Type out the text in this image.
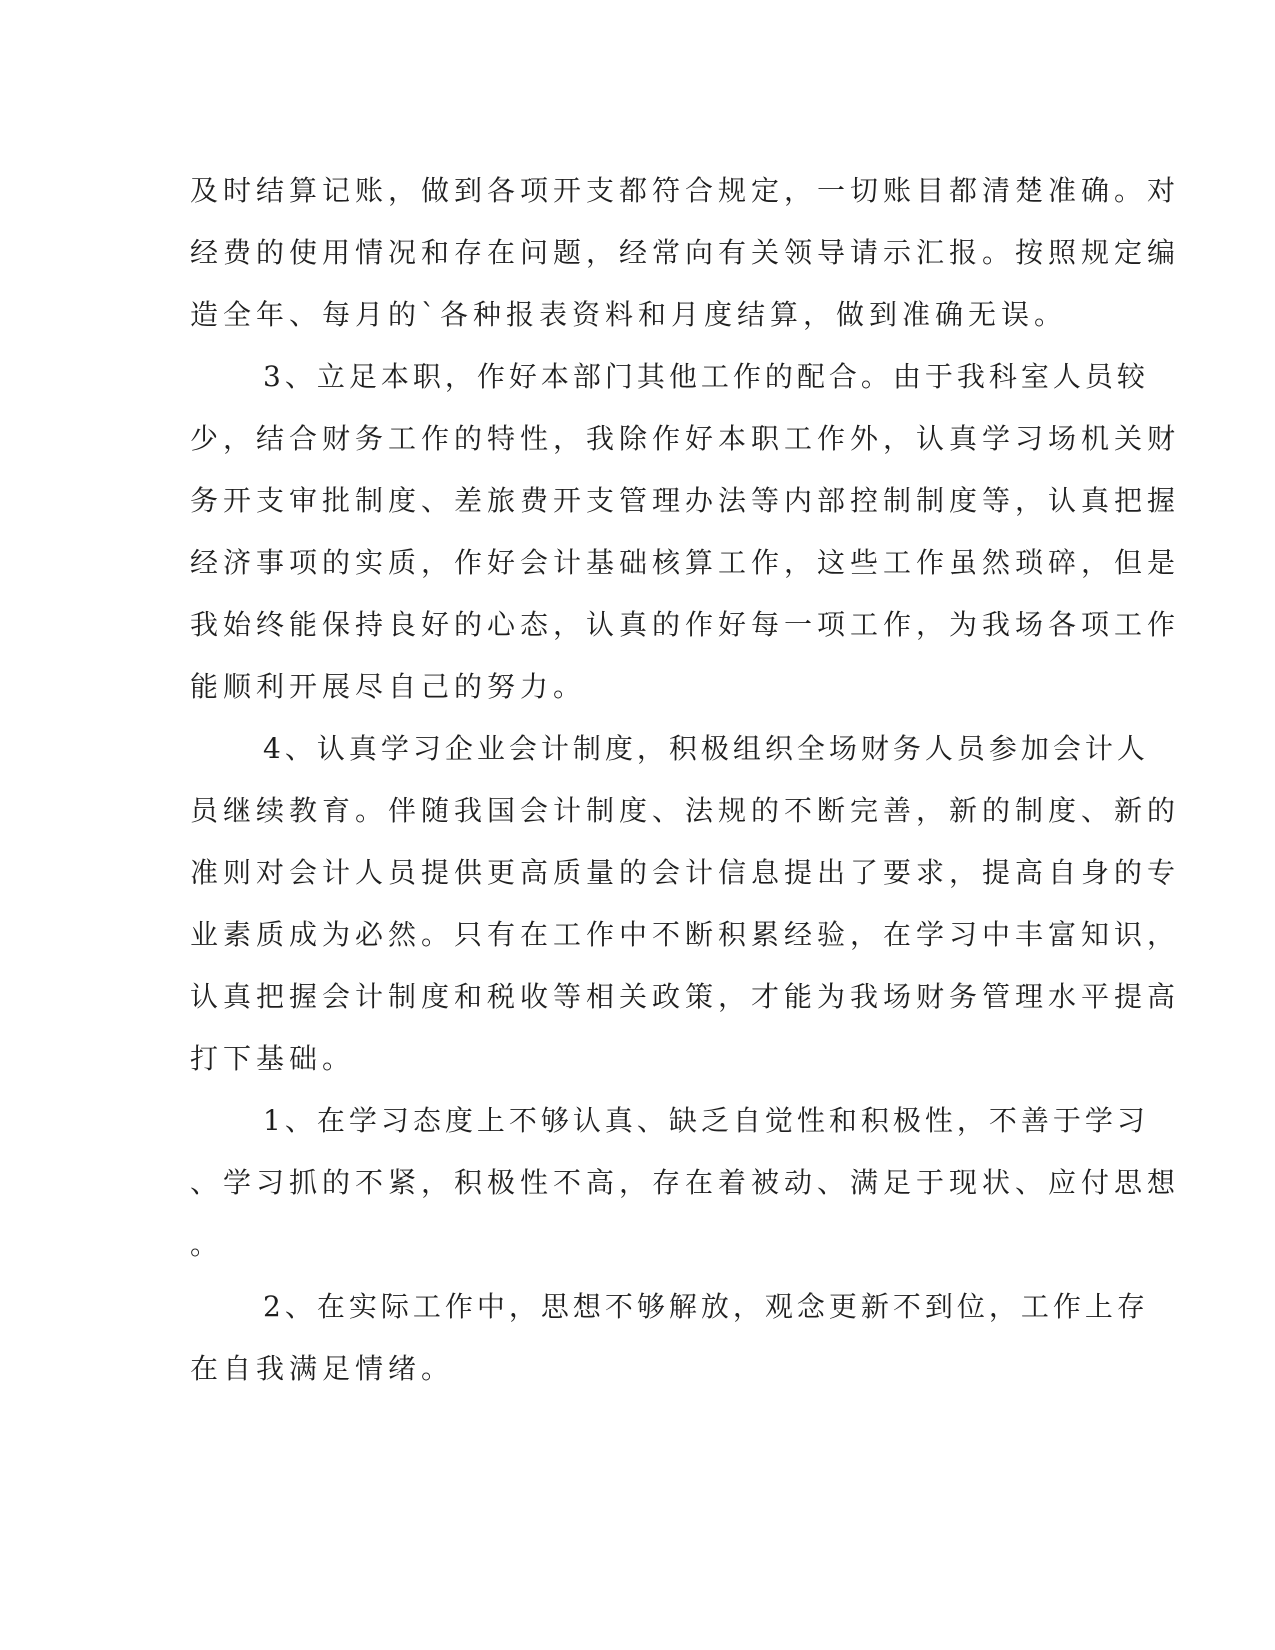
及时结算记账，做到各项开支都符合规定，一切账目都清楚准确。对
经费的使用情况和存在问题，经常向有关领导请示汇报。按照规定编
造全年、每月的`各种报表资料和月度结算，做到准确无误。
3、立足本职，作好本部门其他工作的配合。由于我科室人员较
少，结合财务工作的特性，我除作好本职工作外，认真学习场机关财
务开支审批制度、差旅费开支管理办法等内部控制制度等，认真把握
经济事项的实质，作好会计基础核算工作，这些工作虽然琐碎，但是
我始终能保持良好的心态，认真的作好每一项工作，为我场各项工作
能顺利开展尽自己的努力。
4、认真学习企业会计制度，积极组织全场财务人员参加会计人
员继续教育。伴随我国会计制度、法规的不断完善，新的制度、新的
准则对会计人员提供更高质量的会计信息提出了要求，提高自身的专
业素质成为必然。只有在工作中不断积累经验，在学习中丰富知识，
认真把握会计制度和税收等相关政策，才能为我场财务管理水平提高
打下基础。
1、在学习态度上不够认真、缺乏自觉性和积极性，不善于学习
、学习抓的不紧，积极性不高，存在着被动、满足于现状、应付思想
。
2、在实际工作中，思想不够解放，观念更新不到位，工作上存
在自我满足情绪。
